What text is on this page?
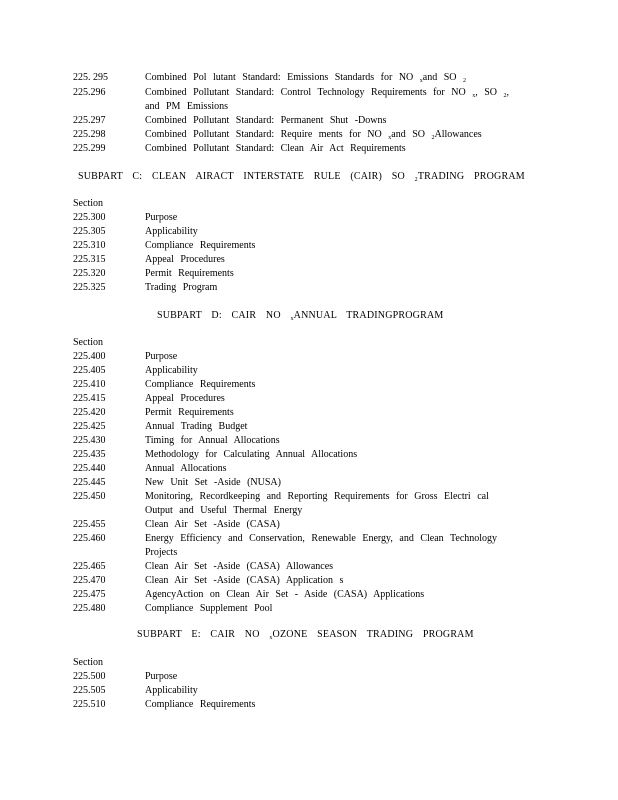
225. 295	Combined Pol lutant Standard: Emissions Standards for NO $_x$and SO $_2$
225.296	Combined Pollutant Standard: Control Technology Requirements for NO $_x$, SO $_2$,
and PM Emissions
225.297	Combined Pollutant Standard: Permanent Shut -Downs
225.298	Combined Pollutant Standard: Require ments for NO $_x$and SO $_2$Allowances
225.299	Combined Pollutant Standard: Clean Air Act Requirements
SUBPART C: CLEAN AIRACT INTERSTATE RULE (CAIR) SO $_2$TRADING PROGRAM
Section
225.300	Purpose
225.305	Applicability
225.310	Compliance Requirements
225.315	Appeal Procedures
225.320	Permit Requirements
225.325	Trading Program
SUBPART D: CAIR NO $_x$ANNUAL TRADINGPROGRAM
Section
225.400	Purpose
225.405	Applicability
225.410	Compliance Requirements
225.415	Appeal Procedures
225.420	Permit Requirements
225.425	Annual Trading Budget
225.430	Timing for Annual Allocations
225.435	Methodology for Calculating Annual Allocations
225.440	Annual Allocations
225.445	New Unit Set -Aside (NUSA)
225.450	Monitoring, Recordkeeping and Reporting Requirements for Gross Electri cal
Output and Useful Thermal Energy
225.455	Clean Air Set -Aside (CASA)
225.460	Energy Efficiency and Conservation, Renewable Energy, and Clean Technology
Projects
225.465	Clean Air Set -Aside (CASA) Allowances
225.470	Clean Air Set -Aside (CASA) Application s
225.475	AgencyAction on Clean Air Set - Aside (CASA) Applications
225.480	Compliance Supplement Pool
SUBPART E: CAIR NO $_x$OZONE SEASON TRADING PROGRAM
Section
225.500	Purpose
225.505	Applicability
225.510	Compliance Requirements
